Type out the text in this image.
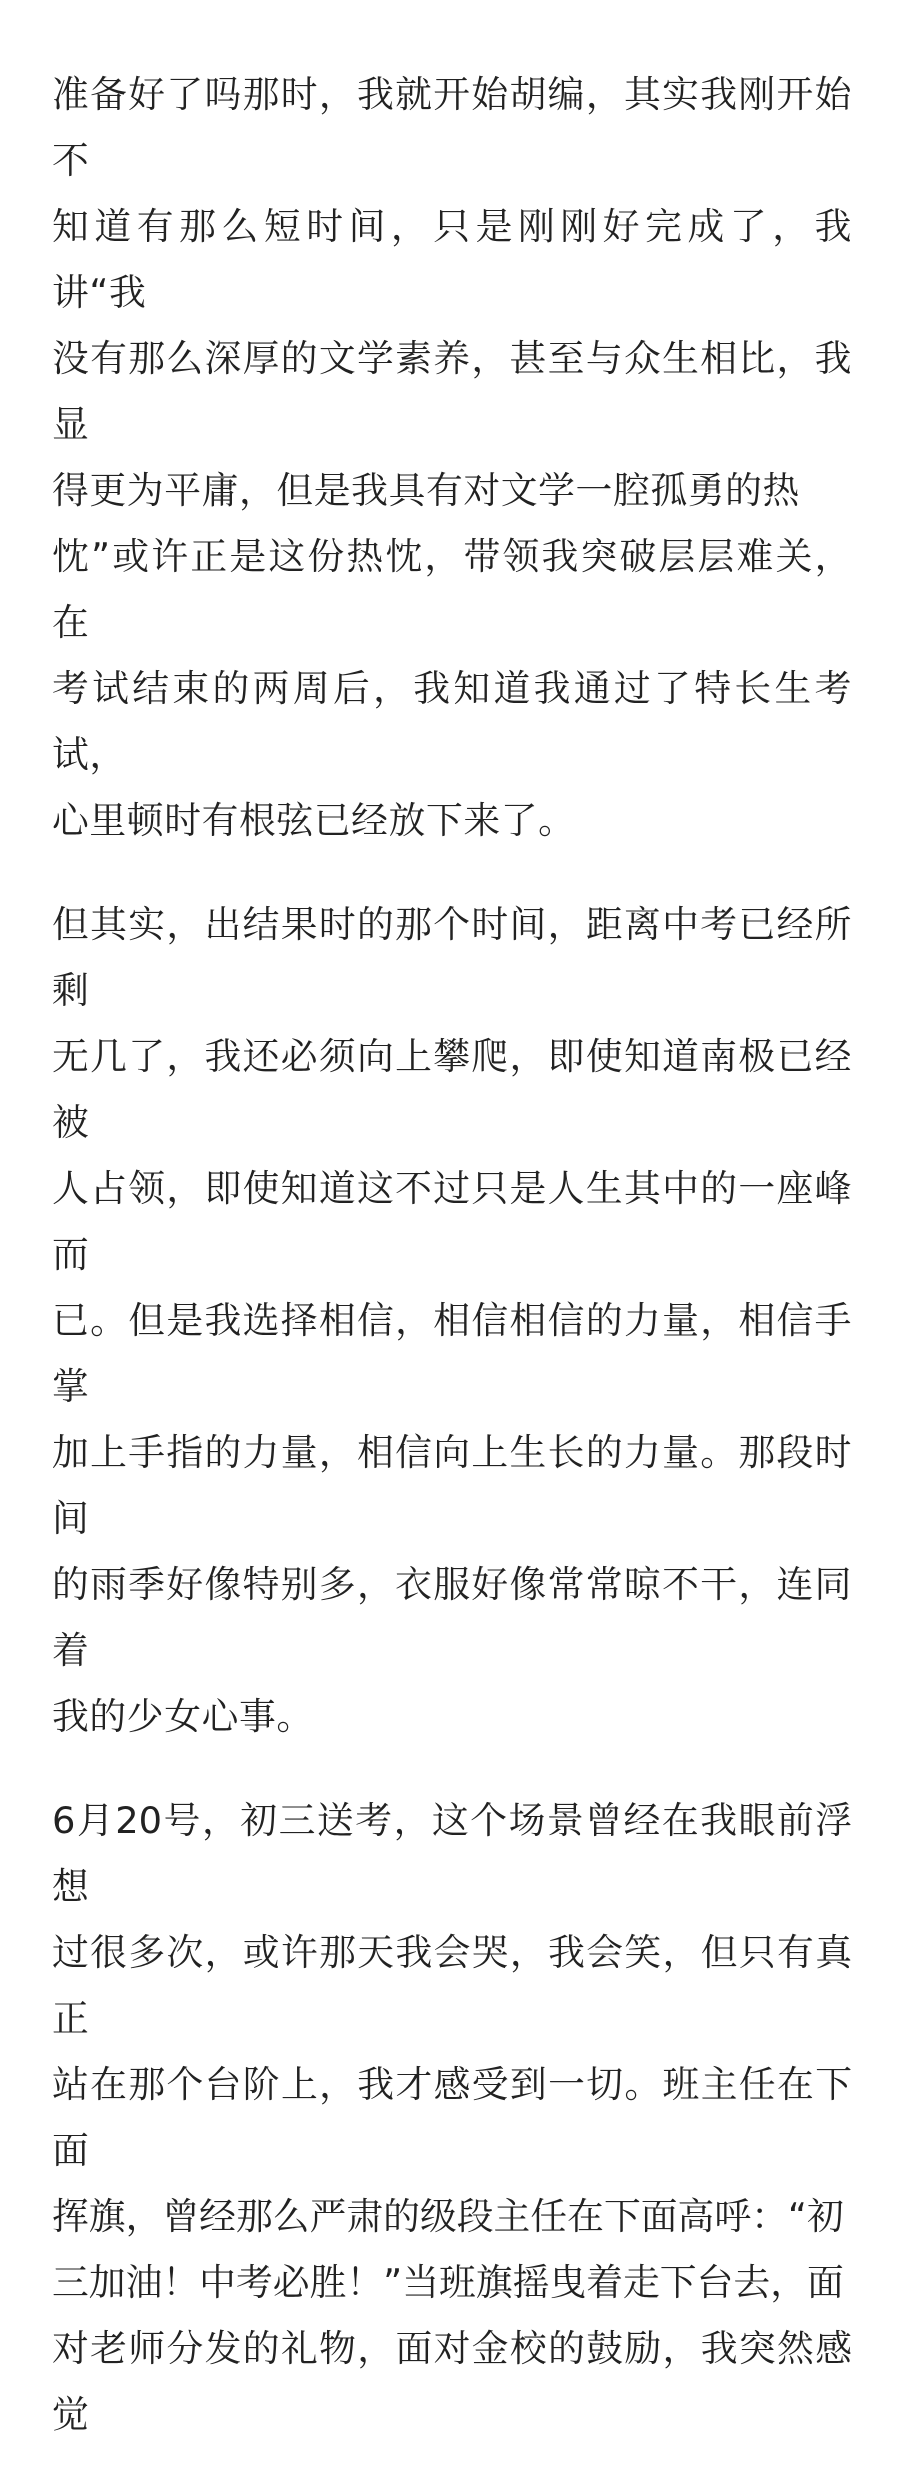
准备好了吗那时，我就开始胡编，其实我刚开始不
知道有那么短时间，只是刚刚好完成了，我讲“我
没有那么深厚的文学素养，甚至与众生相比，我显
得更为平庸，但是我具有对文学一腔孤勇的热
忱”或许正是这份热忱，带领我突破层层难关，在
考试结束的两周后，我知道我通过了特长生考试，
心里顿时有根弦已经放下来了。

但其实，出结果时的那个时间，距离中考已经所剩
无几了，我还必须向上攀爬，即使知道南极已经被
人占领，即使知道这不过只是人生其中的一座峰而
已。但是我选择相信，相信相信的力量，相信手掌
加上手指的力量，相信向上生长的力量。那段时间
的雨季好像特别多，衣服好像常常晾不干，连同着
我的少女心事。

6月20号，初三送考，这个场景曾经在我眼前浮想
过很多次，或许那天我会哭，我会笑，但只有真正
站在那个台阶上，我才感受到一切。班主任在下面
挥旗，曾经那么严肃的级段主任在下面高呼：“初
三加油！中考必胜！”当班旗摇曳着走下台去，面
对老师分发的礼物，面对金校的鼓励，我突然感觉
